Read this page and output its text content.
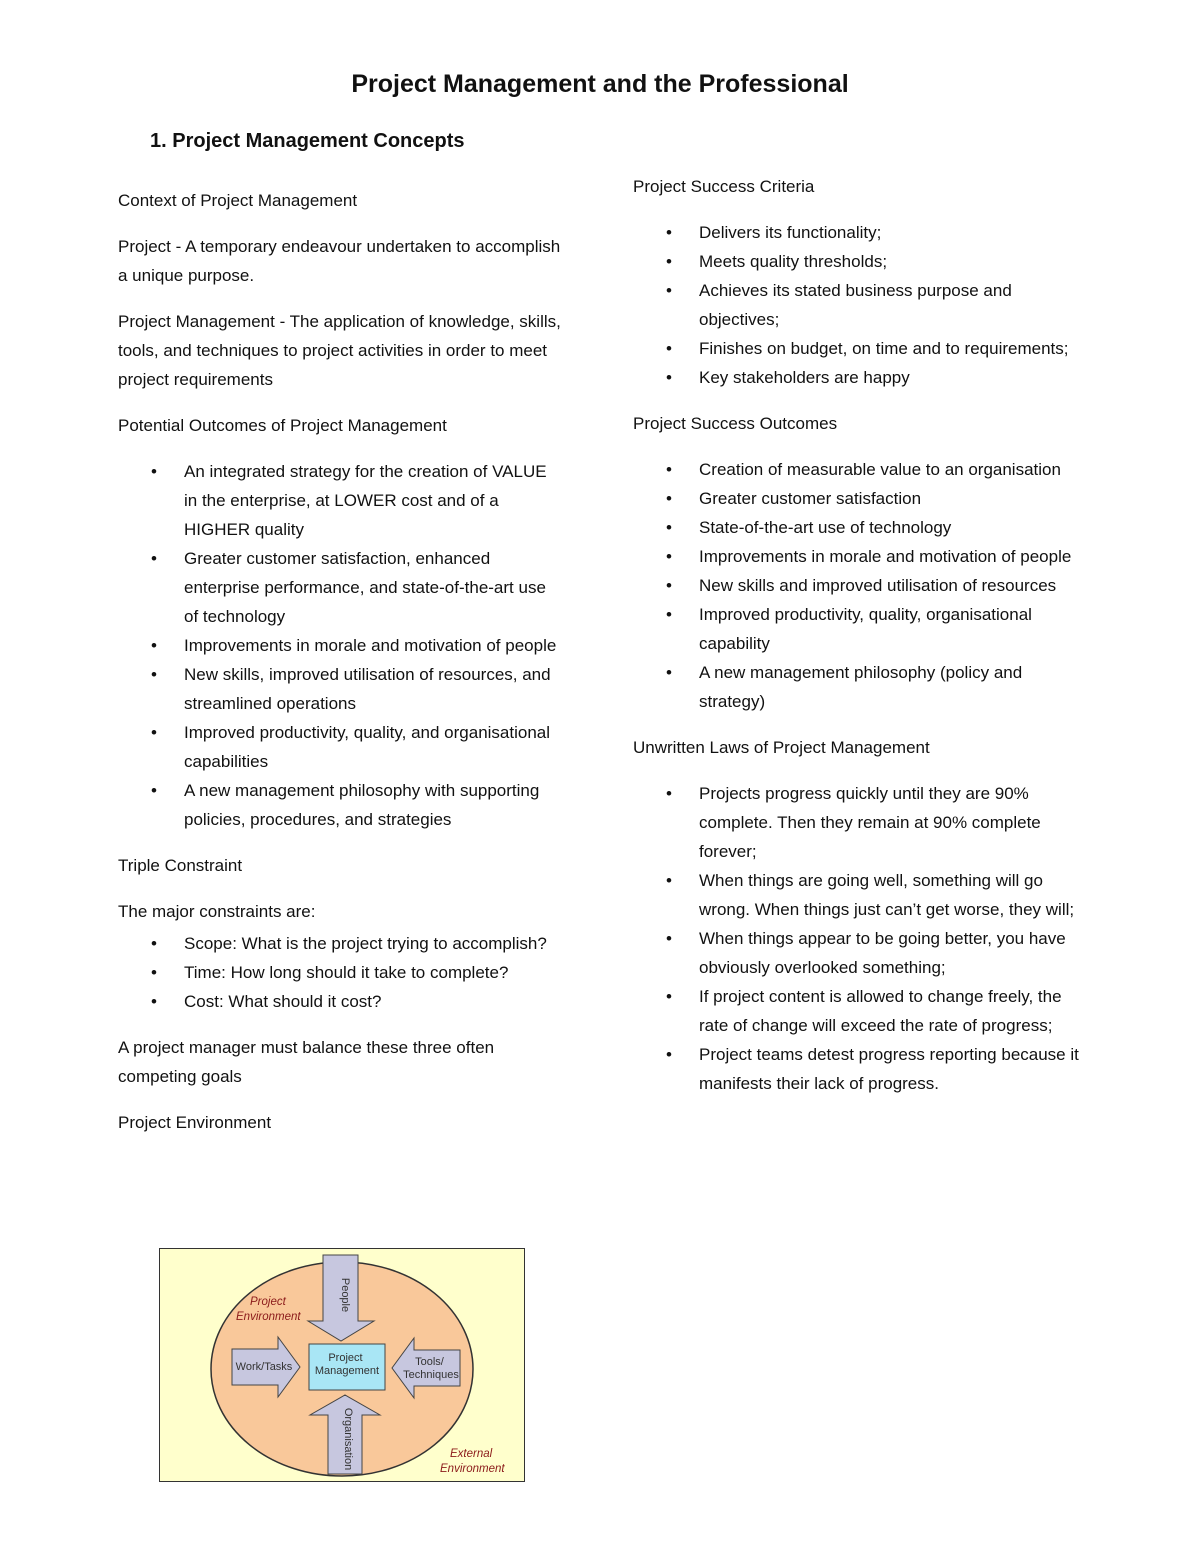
Project Management and the Professional
1. Project Management Concepts

Context of Project Management

Project - A temporary endeavour undertaken to accomplish a unique purpose.

Project Management - The application of knowledge, skills, tools, and techniques to project activities in order to meet project requirements

Potential Outcomes of Project Management

• An integrated strategy for the creation of VALUE in the enterprise, at LOWER cost and of a HIGHER quality
• Greater customer satisfaction, enhanced enterprise performance, and state-of-the-art use of technology
• Improvements in morale and motivation of people
• New skills, improved utilisation of resources, and streamlined operations
• Improved productivity, quality, and organisational capabilities
• A new management philosophy with supporting policies, procedures, and strategies

Triple Constraint

The major constraints are:

• Scope: What is the project trying to accomplish?
• Time: How long should it take to complete?
• Cost: What should it cost?

A project manager must balance these three often competing goals

Project Environment

Project Management
People
Work/Tasks	Tools/ Techniques
Organisation
Project Environment
External Environment

Project Success Criteria

• Delivers its functionality;
• Meets quality thresholds;
• Achieves its stated business purpose and objectives;
• Finishes on budget, on time and to requirements;
• Key stakeholders are happy

Project Success Outcomes

• Creation of measurable value to an organisation
• Greater customer satisfaction
• State-of-the-art use of technology
• Improvements in morale and motivation of people
• New skills and improved utilisation of resources
• Improved productivity, quality, organisational capability
• A new management philosophy (policy and strategy)

Unwritten Laws of Project Management

• Projects progress quickly until they are 90% complete. Then they remain at 90% complete forever;
• When things are going well, something will go wrong. When things just can’t get worse, they will;
• When things appear to be going better, you have obviously overlooked something;
• If project content is allowed to change freely, the rate of change will exceed the rate of progress;
• Project teams detest progress reporting because it manifests their lack of progress.
